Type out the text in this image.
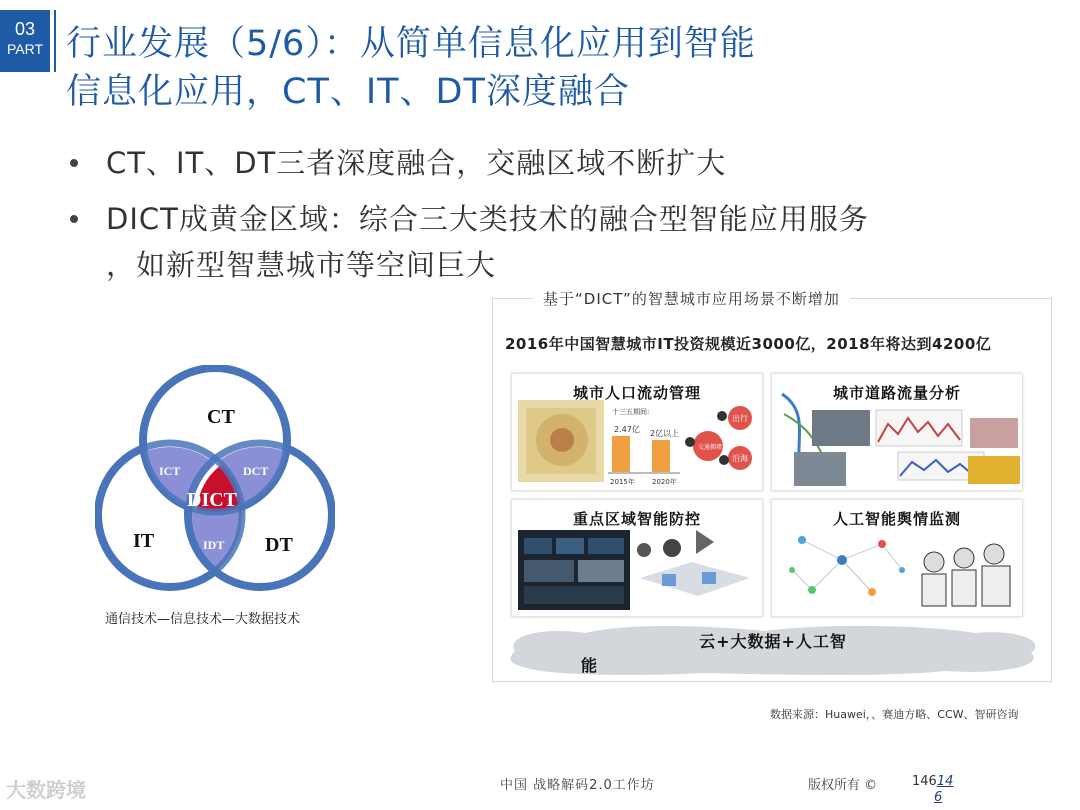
03
PART 行业发展（5/6）：从简单信息化应用到智能
信息化应用，CT、IT、DT深度融合
CT、IT、DT三者深度融合，交融区域不断扩大
DICT成黄金区域：综合三大类技术的融合型智能应用服务
，如新型智慧城市等空间巨大
CT
IT	DT
ICT	DCT
IDT
DICT
通信技术—信息技术—大数据技术
基于“DICT”的智慧城市应用场景不断增加
2016年中国智慧城市IT投资规模近3000亿，2018年将达到4200亿
2.47亿 2亿以上
2015年 2020年
十三五期间:
出行
交通拥堵地区
沿海
城市人口流动管理	城市道路流量分析
重点区域智能防控	人工智能舆情监测
云+大数据+人工智
能
数据来源：Huawei，、赛迪方略、CCW、智研咨询
大数跨境	中国 战略解码2.0工作坊	版权所有 ©	14614
6
